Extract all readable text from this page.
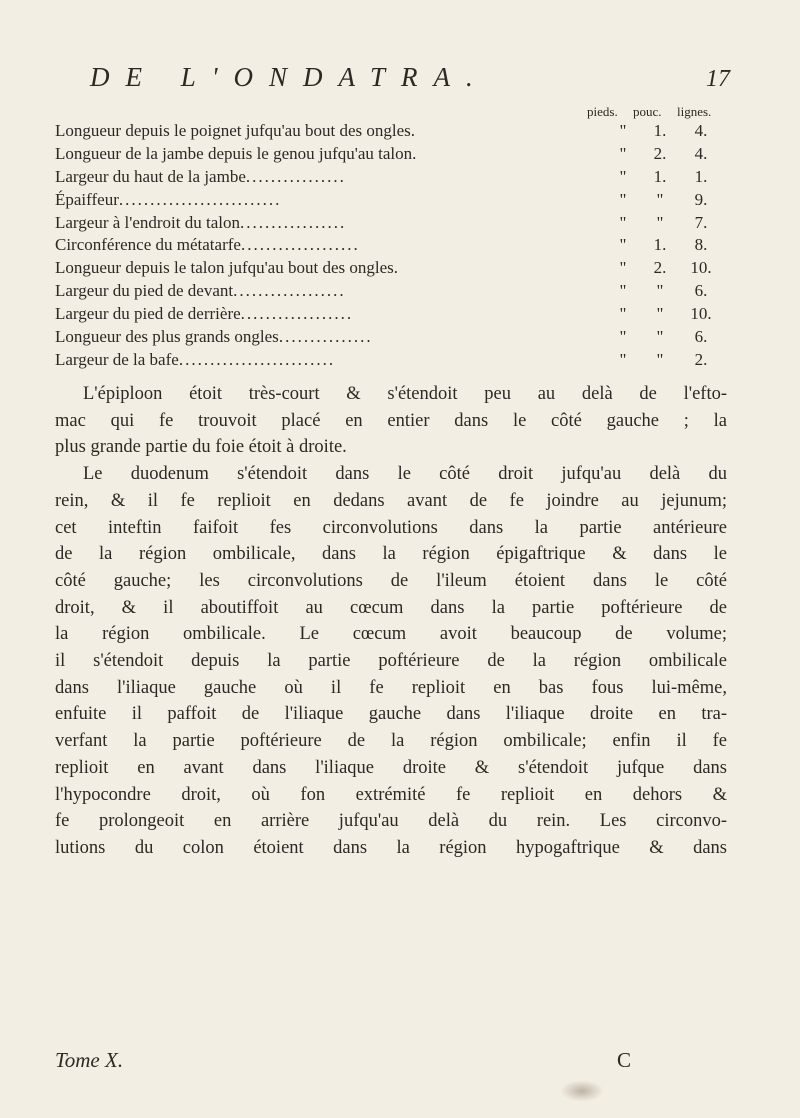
DE L'ONDATRA.	17
pieds. pouc. lignes.
Longueur depuis le poignet jufqu'au bout des ongles.	"	1.	4.
Longueur de la jambe depuis le genou jufqu'au talon.	"	2.	4.
Largeur du haut de la jambe................	"	1.	1.
Épaiffeur..........................	"	"	9.
Largeur à l'endroit du talon.................	"	"	7.
Circonférence du métatarfe...................	"	1.	8.
Longueur depuis le talon jufqu'au bout des ongles.	"	2.	10.
Largeur du pied de devant..................	"	"	6.
Largeur du pied de derrière..................	"	"	10.
Longueur des plus grands ongles...............	"	"	6.
Largeur de la bafe.........................	"	"	2.
L'épiploon étoit très-court & s'étendoit peu au delà de l'efto-
mac qui fe trouvoit placé en entier dans le côté gauche ; la
plus grande partie du foie étoit à droite.
Le duodenum s'étendoit dans le côté droit jufqu'au delà du
rein, & il fe replioit en dedans avant de fe joindre au jejunum;
cet inteftin faifoit fes circonvolutions dans la partie antérieure
de la région ombilicale, dans la région épigaftrique & dans le
côté gauche; les circonvolutions de l'ileum étoient dans le côté
droit, & il aboutiffoit au cœcum dans la partie poftérieure de
la région ombilicale. Le cœcum avoit beaucoup de volume;
il s'étendoit depuis la partie poftérieure de la région ombilicale
dans l'iliaque gauche où il fe replioit en bas fous lui-même,
enfuite il paffoit de l'iliaque gauche dans l'iliaque droite en tra-
verfant la partie poftérieure de la région ombilicale; enfin il fe
replioit en avant dans l'iliaque droite & s'étendoit jufque dans
l'hypocondre droit, où fon extrémité fe replioit en dehors &
fe prolongeoit en arrière jufqu'au delà du rein. Les circonvo-
lutions du colon étoient dans la région hypogaftrique & dans
Tome X.	C
